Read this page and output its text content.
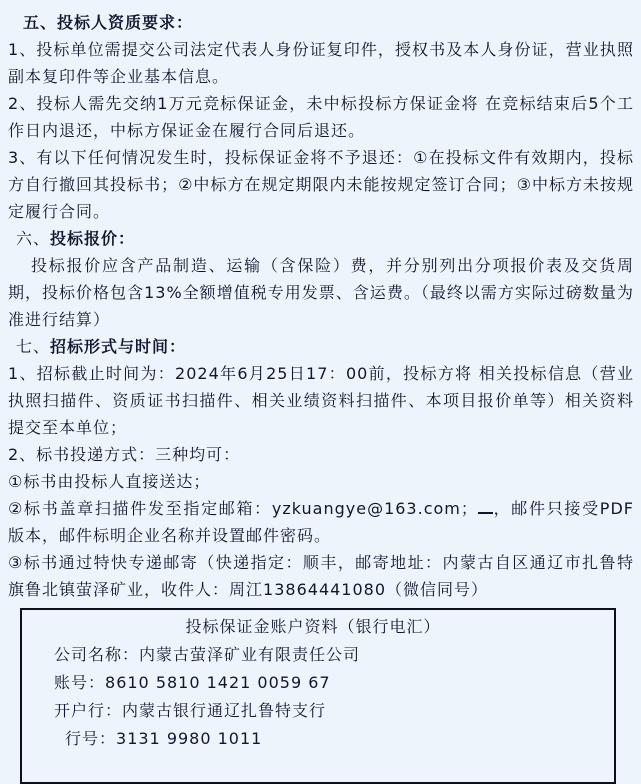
五、投标人资质要求：

1、投标单位需提交公司法定代表人身份证复印件，授权书及本人身份证，营业执照副本复印件等企业基本信息。

2、投标人需先交纳1万元竞标保证金，未中标投标方保证金将 在竞标结束后5个工作日内退还，中标方保证金在履行合同后退还。

3、有以下任何情况发生时，投标保证金将不予退还：①在投标文件有效期内，投标方自行撤回其投标书；②中标方在规定期限内未能按规定签订合同；③中标方未按规定履行合同。

六、投标报价：

投标报价应含产品制造、运输（含保险）费，并分别列出分项报价表及交货周期，投标价格包含13%全额增值税专用发票、含运费。（最终以需方实际过磅数量为准进行结算）

七、招标形式与时间：

1、招标截止时间为：2024年6月25日17：00前，投标方将 相关投标信息（营业执照扫描件、资质证书扫描件、相关业绩资料扫描件、本项目报价单等）相关资料提交至本单位；

2、标书投递方式：三种均可：

①标书由投标人直接送达；

②标书盖章扫描件发至指定邮箱：yzkuangye@163.com； ，邮件只接受PDF版本，邮件标明企业名称并设置邮件密码。

③标书通过特快专递邮寄（快递指定：顺丰，邮寄地址：内蒙古自区通辽市扎鲁特旗鲁北镇萤泽矿业，收件人：周江13864441080（微信同号）

投标保证金账户资料（银行电汇）

公司名称：内蒙古萤泽矿业有限责任公司

账号：8610 5810 1421 0059 67

开户行：内蒙古银行通辽扎鲁特支行

行号：3131 9980 1011
